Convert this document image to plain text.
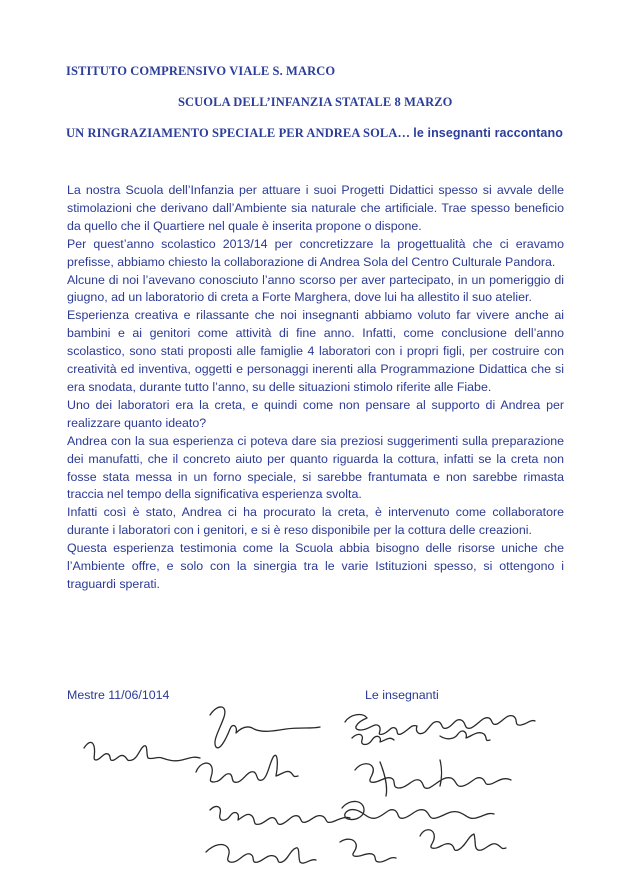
ISTITUTO COMPRENSIVO VIALE S. MARCO
SCUOLA DELL’INFANZIA STATALE 8 MARZO
UN RINGRAZIAMENTO SPECIALE PER ANDREA SOLA… le insegnanti raccontano

La nostra Scuola dell’Infanzia per attuare i suoi Progetti Didattici spesso si avvale delle stimolazioni che derivano dall’Ambiente sia naturale che artificiale. Trae spesso beneficio da quello che il Quartiere nel quale è inserita propone o dispone.

Per quest’anno scolastico 2013/14 per concretizzare la progettualità che ci eravamo prefisse, abbiamo chiesto la collaborazione di Andrea Sola del Centro Culturale Pandora.

Alcune di noi l’avevano conosciuto l’anno scorso per aver partecipato, in un pomeriggio di giugno, ad un laboratorio di creta a Forte Marghera, dove lui ha allestito il suo atelier.

Esperienza creativa e rilassante che noi insegnanti abbiamo voluto far vivere anche ai bambini e ai genitori come attività di fine anno. Infatti, come conclusione dell’anno scolastico, sono stati proposti alle famiglie 4 laboratori con i propri figli, per costruire con creatività ed inventiva, oggetti e personaggi inerenti alla Programmazione Didattica che si era snodata, durante tutto l’anno, su delle situazioni stimolo riferite alle Fiabe.

Uno dei laboratori era la creta, e quindi come non pensare al supporto di Andrea per realizzare quanto ideato?

Andrea con la sua esperienza ci poteva dare sia preziosi suggerimenti sulla preparazione dei manufatti, che il concreto aiuto per quanto riguarda la cottura, infatti se la creta non fosse stata messa in un forno speciale, si sarebbe frantumata e non sarebbe rimasta traccia nel tempo della significativa esperienza svolta.

Infatti così è stato, Andrea ci ha procurato la creta, è intervenuto come collaboratore durante i laboratori con i genitori, e si è reso disponibile per la cottura delle creazioni.

Questa esperienza testimonia come la Scuola abbia bisogno delle risorse uniche che l’Ambiente offre, e solo con la sinergia tra le varie Istituzioni spesso, si ottengono i traguardi sperati.

Mestre 11/06/1014	Le insegnanti
